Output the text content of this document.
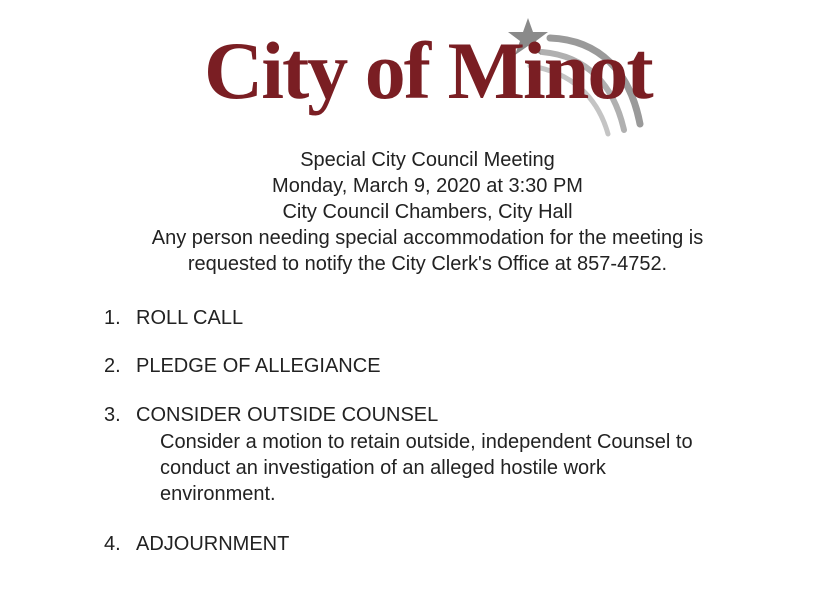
City of Minot
Special City Council Meeting
Monday, March 9, 2020 at 3:30 PM
City Council Chambers, City Hall
Any person needing special accommodation for the meeting is
requested to notify the City Clerk's Office at 857-4752.
1. ROLL CALL
2. PLEDGE OF ALLEGIANCE
3. CONSIDER OUTSIDE COUNSEL
Consider a motion to retain outside, independent Counsel to
conduct an investigation of an alleged hostile work
environment.
4. ADJOURNMENT
